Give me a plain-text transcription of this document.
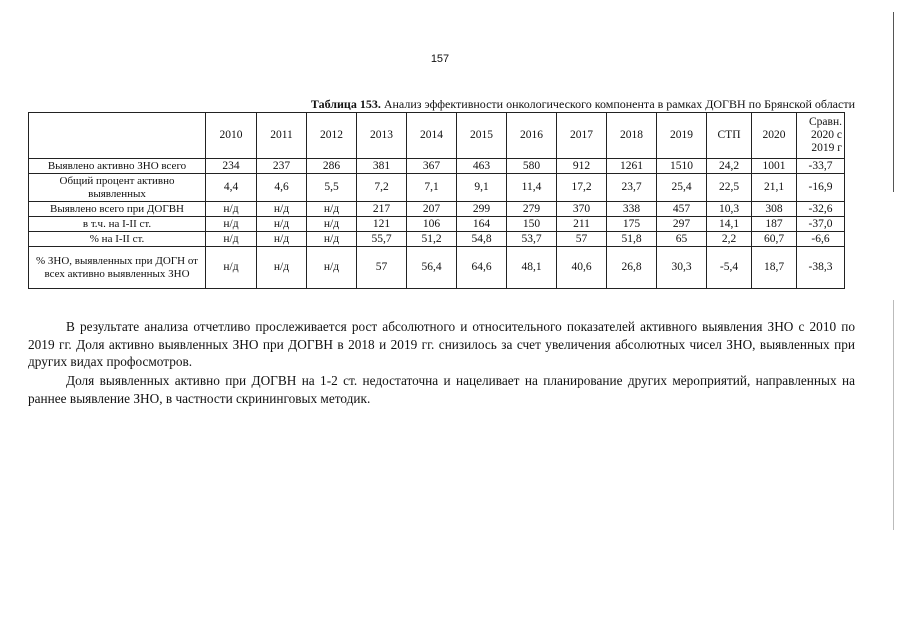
157
Таблица 153. Анализ эффективности онкологического компонента в рамках ДОГВН по Брянской области
	2010	2011	2012	2013	2014	2015	2016	2017	2018	2019	СТП	2020	Сравн. 2020 с 2019 г
Выявлено активно ЗНО всего	234	237	286	381	367	463	580	912	1261	1510	24,2	1001	-33,7
Общий процент активно выявленных	4,4	4,6	5,5	7,2	7,1	9,1	11,4	17,2	23,7	25,4	22,5	21,1	-16,9
Выявлено всего при ДОГВН	н/д	н/д	н/д	217	207	299	279	370	338	457	10,3	308	-32,6
в т.ч. на I-II ст.	н/д	н/д	н/д	121	106	164	150	211	175	297	14,1	187	-37,0
% на I-II ст.	н/д	н/д	н/д	55,7	51,2	54,8	53,7	57	51,8	65	2,2	60,7	-6,6
% ЗНО, выявленных при ДОГН от всех активно выявленных ЗНО	н/д	н/д	н/д	57	56,4	64,6	48,1	40,6	26,8	30,3	-5,4	18,7	-38,3

В результате анализа отчетливо прослеживается рост абсолютного и относительного показателей активного выявления ЗНО с 2010 по 2019 гг. Доля активно выявленных ЗНО при ДОГВН в 2018 и 2019 гг. снизилось за счет увеличения абсолютных чисел ЗНО, выявленных при других видах профосмотров.

Доля выявленных активно при ДОГВН на 1-2 ст. недостаточна и нацеливает на планирование других мероприятий, направленных на раннее выявление ЗНО, в частности скрининговых методик.
